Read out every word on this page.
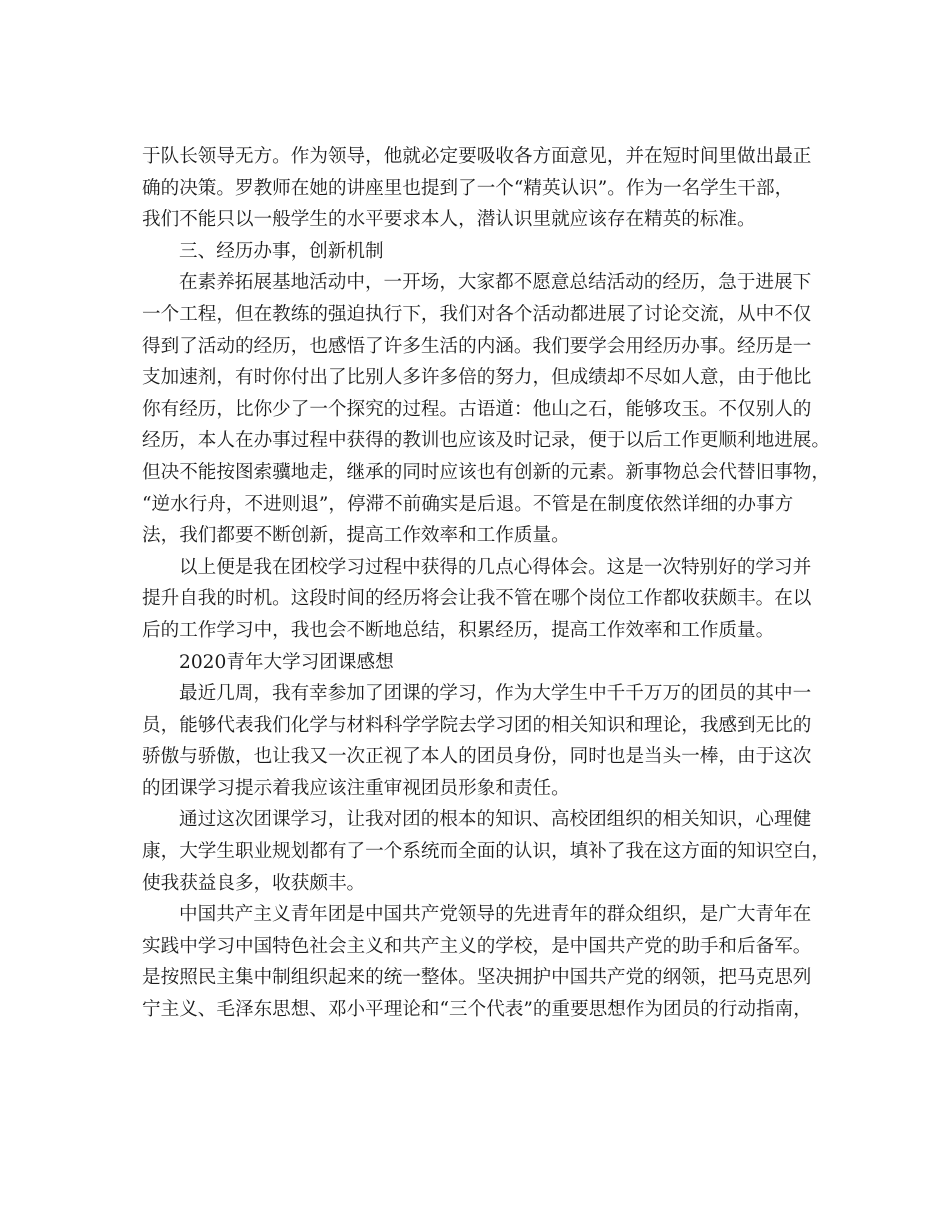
于队长领导无方。作为领导，他就必定要吸收各方面意见，并在短时间里做出最正
确的决策。罗教师在她的讲座里也提到了一个“精英认识”。作为一名学生干部，
我们不能只以一般学生的水平要求本人，潜认识里就应该存在精英的标准。
三、经历办事，创新机制
在素养拓展基地活动中，一开场，大家都不愿意总结活动的经历，急于进展下
一个工程，但在教练的强迫执行下，我们对各个活动都进展了讨论交流，从中不仅
得到了活动的经历，也感悟了许多生活的内涵。我们要学会用经历办事。经历是一
支加速剂，有时你付出了比别人多许多倍的努力，但成绩却不尽如人意，由于他比
你有经历，比你少了一个探究的过程。古语道：他山之石，能够攻玉。不仅别人的
经历，本人在办事过程中获得的教训也应该及时记录，便于以后工作更顺利地进展。
但决不能按图索骥地走，继承的同时应该也有创新的元素。新事物总会代替旧事物，
“逆水行舟，不进则退”，停滞不前确实是后退。不管是在制度依然详细的办事方
法，我们都要不断创新，提高工作效率和工作质量。
以上便是我在团校学习过程中获得的几点心得体会。这是一次特别好的学习并
提升自我的时机。这段时间的经历将会让我不管在哪个岗位工作都收获颇丰。在以
后的工作学习中，我也会不断地总结，积累经历，提高工作效率和工作质量。
2020青年大学习团课感想
最近几周，我有幸参加了团课的学习，作为大学生中千千万万的团员的其中一
员，能够代表我们化学与材料科学学院去学习团的相关知识和理论，我感到无比的
骄傲与骄傲，也让我又一次正视了本人的团员身份，同时也是当头一棒，由于这次
的团课学习提示着我应该注重审视团员形象和责任。
通过这次团课学习，让我对团的根本的知识、高校团组织的相关知识，心理健
康，大学生职业规划都有了一个系统而全面的认识，填补了我在这方面的知识空白，
使我获益良多，收获颇丰。
中国共产主义青年团是中国共产党领导的先进青年的群众组织，是广大青年在
实践中学习中国特色社会主义和共产主义的学校，是中国共产党的助手和后备军。
是按照民主集中制组织起来的统一整体。坚决拥护中国共产党的纲领，把马克思列
宁主义、毛泽东思想、邓小平理论和“三个代表”的重要思想作为团员的行动指南，
